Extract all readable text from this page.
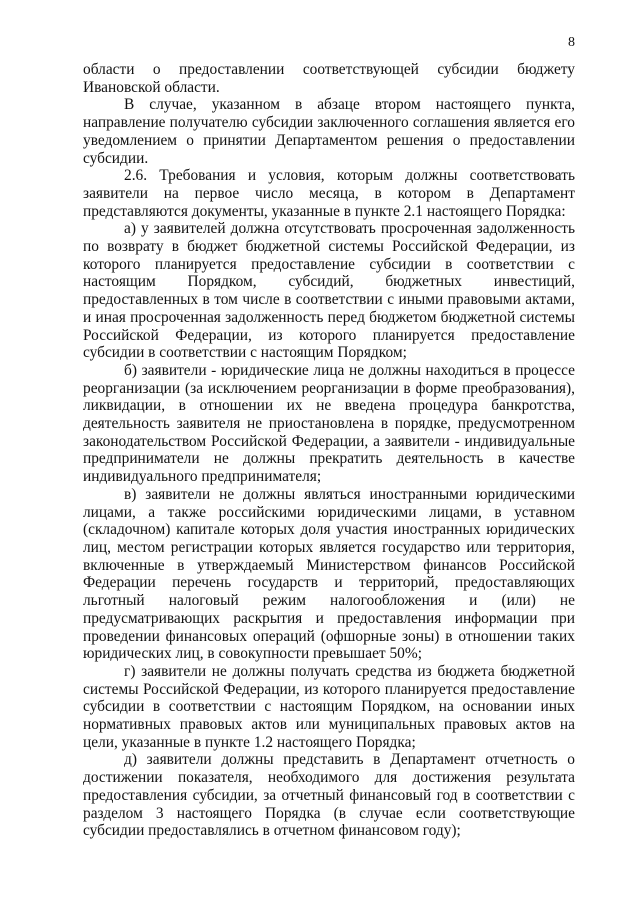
8

области о предоставлении соответствующей субсидии бюджету Ивановской области.

В случае, указанном в абзаце втором настоящего пункта, направление получателю субсидии заключенного соглашения является его уведомлением о принятии Департаментом решения о предоставлении субсидии.

2.6. Требования и условия, которым должны соответствовать заявители на первое число месяца, в котором в Департамент представляются документы, указанные в пункте 2.1 настоящего Порядка:

а) у заявителей должна отсутствовать просроченная задолженность по возврату в бюджет бюджетной системы Российской Федерации, из которого планируется предоставление субсидии в соответствии с настоящим Порядком, субсидий, бюджетных инвестиций, предоставленных в том числе в соответствии с иными правовыми актами, и иная просроченная задолженность перед бюджетом бюджетной системы Российской Федерации, из которого планируется предоставление субсидии в соответствии с настоящим Порядком;

б) заявители - юридические лица не должны находиться в процессе реорганизации (за исключением реорганизации в форме преобразования), ликвидации, в отношении их не введена процедура банкротства, деятельность заявителя не приостановлена в порядке, предусмотренном законодательством Российской Федерации, а заявители - индивидуальные предприниматели не должны прекратить деятельность в качестве индивидуального предпринимателя;

в) заявители не должны являться иностранными юридическими лицами, а также российскими юридическими лицами, в уставном (складочном) капитале которых доля участия иностранных юридических лиц, местом регистрации которых является государство или территория, включенные в утверждаемый Министерством финансов Российской Федерации перечень государств и территорий, предоставляющих льготный налоговый режим налогообложения и (или) не предусматривающих раскрытия и предоставления информации при проведении финансовых операций (офшорные зоны) в отношении таких юридических лиц, в совокупности превышает 50%;

г) заявители не должны получать средства из бюджета бюджетной системы Российской Федерации, из которого планируется предоставление субсидии в соответствии с настоящим Порядком, на основании иных нормативных правовых актов или муниципальных правовых актов на цели, указанные в пункте 1.2 настоящего Порядка;

д) заявители должны представить в Департамент отчетность о достижении показателя, необходимого для достижения результата предоставления субсидии, за отчетный финансовый год в соответствии с разделом 3 настоящего Порядка (в случае если соответствующие субсидии предоставлялись в отчетном финансовом году);
